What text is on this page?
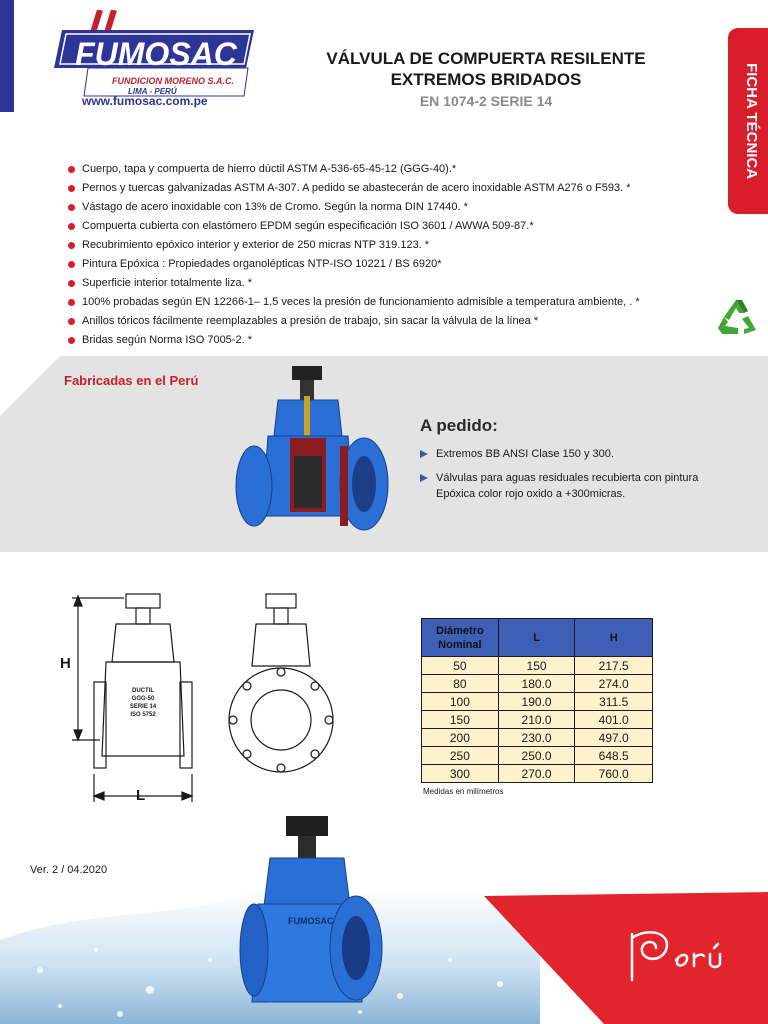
FUMOSAC
FUNDICION MORENO S.A.C.
LIMA - PERÚ
www.fumosac.com.pe
VÁLVULA DE COMPUERTA RESILENTE
EXTREMOS BRIDADOS
EN 1074-2 SERIE 14	FICHA TÉCNICA
Cuerpo, tapa y compuerta de hierro dúctil ASTM A-536-65-45-12 (GGG-40).*
Pernos y tuercas galvanizadas ASTM A-307. A pedido se abastecerán de acero inoxidable ASTM A276 o F593. *
Vástago de acero inoxidable con 13% de Cromo. Según la norma DIN 17440. *
Compuerta cubierta con elastómero EPDM según especificación ISO 3601 / AWWA 509-87.*
Recubrimiento epóxico interior y exterior de 250 micras NTP 319.123. *
Pintura Epóxica : Propiedades organolépticas NTP-ISO 10221 / BS 6920*
Superficie interior totalmente liza. *
100% probadas según EN 12266-1– 1.5 veces la presión de funcionamiento admisible a temperatura ambiente, . *
Anillos tóricos fácilmente reemplazables a presión de trabajo, sin sacar la válvula de la línea *
Bridas según Norma ISO 7005-2. *
Fabricadas en el Perú
A pedido:
Extremos BB ANSI Clase 150 y 300.
Válvulas para aguas residuales recubierta con pintura Epóxica color rojo oxido a +300micras.
H
L
DUCTIL
GGG-50
SERIE 14
ISO 5752
Diámetro Nominal	L	H
50	150	217.5
80	180.0	274.0
100	190.0	311.5
150	210.0	401.0
200	230.0	497.0
250	250.0	648.5
300	270.0	760.0
Medidas en milímetros
Ver. 2 / 04.2020
FUMOSAC
